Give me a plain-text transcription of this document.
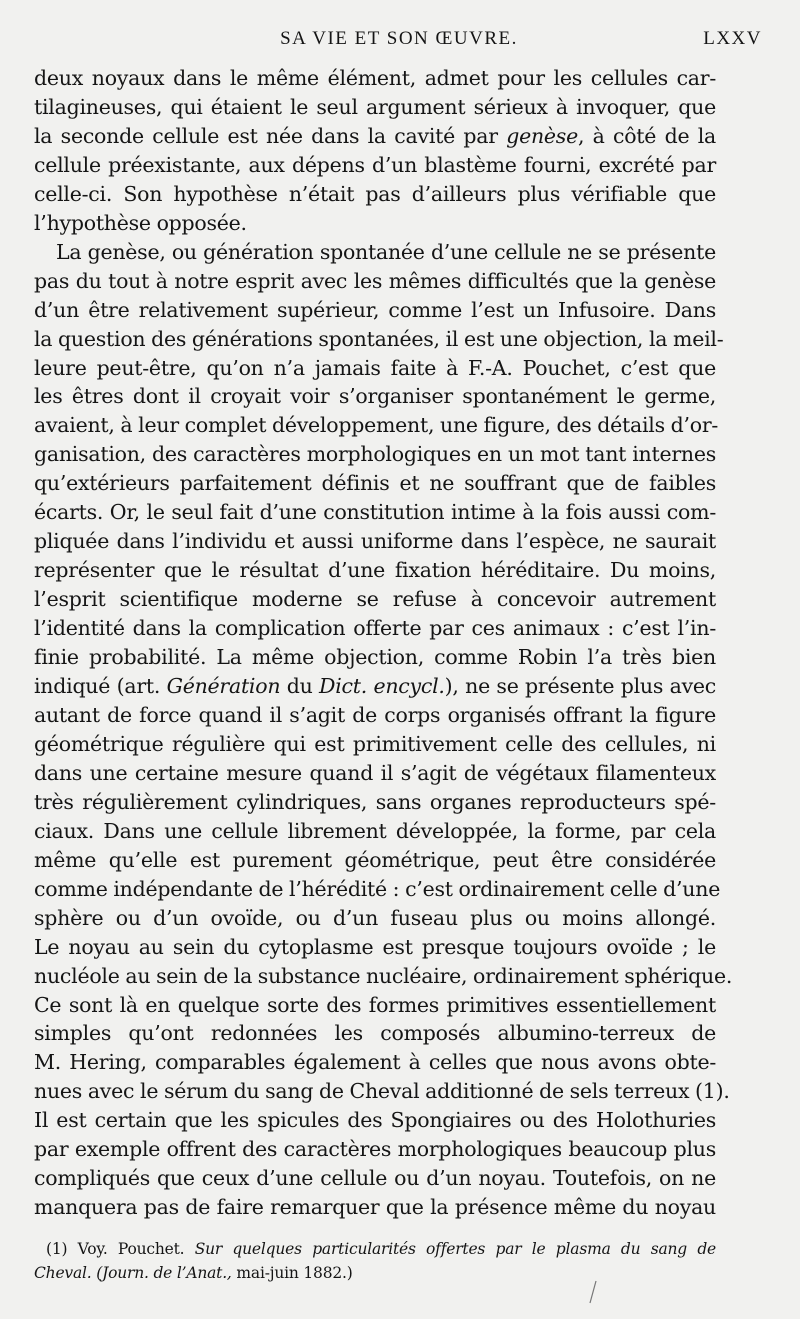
SA VIE ET SON ŒUVRE.	LXXV
deux noyaux dans le même élément, admet pour les cellules car-
tilagineuses, qui étaient le seul argument sérieux à invoquer, que
la seconde cellule est née dans la cavité par genèse, à côté de la
cellule préexistante, aux dépens d’un blastème fourni, excrété par
celle-ci. Son hypothèse n’était pas d’ailleurs plus vérifiable que
l’hypothèse opposée.
La genèse, ou génération spontanée d’une cellule ne se présente
pas du tout à notre esprit avec les mêmes difficultés que la genèse
d’un être relativement supérieur, comme l’est un Infusoire. Dans
la question des générations spontanées, il est une objection, la meil-
leure peut-être, qu’on n’a jamais faite à F.-A. Pouchet, c’est que
les êtres dont il croyait voir s’organiser spontanément le germe,
avaient, à leur complet développement, une figure, des détails d’or-
ganisation, des caractères morphologiques en un mot tant internes
qu’extérieurs parfaitement définis et ne souffrant que de faibles
écarts. Or, le seul fait d’une constitution intime à la fois aussi com-
pliquée dans l’individu et aussi uniforme dans l’espèce, ne saurait
représenter que le résultat d’une fixation héréditaire. Du moins,
l’esprit scientifique moderne se refuse à concevoir autrement
l’identité dans la complication offerte par ces animaux : c’est l’in-
finie probabilité. La même objection, comme Robin l’a très bien
indiqué (art. Génération du Dict. encycl.), ne se présente plus avec
autant de force quand il s’agit de corps organisés offrant la figure
géométrique régulière qui est primitivement celle des cellules, ni
dans une certaine mesure quand il s’agit de végétaux filamenteux
très régulièrement cylindriques, sans organes reproducteurs spé-
ciaux. Dans une cellule librement développée, la forme, par cela
même qu’elle est purement géométrique, peut être considérée
comme indépendante de l’hérédité : c’est ordinairement celle d’une
sphère ou d’un ovoïde, ou d’un fuseau plus ou moins allongé.
Le noyau au sein du cytoplasme est presque toujours ovoïde ; le
nucléole au sein de la substance nucléaire, ordinairement sphérique.
Ce sont là en quelque sorte des formes primitives essentiellement
simples qu’ont redonnées les composés albumino-terreux de
M. Hering, comparables également à celles que nous avons obte-
nues avec le sérum du sang de Cheval additionné de sels terreux (1).
Il est certain que les spicules des Spongiaires ou des Holothuries
par exemple offrent des caractères morphologiques beaucoup plus
compliqués que ceux d’une cellule ou d’un noyau. Toutefois, on ne
manquera pas de faire remarquer que la présence même du noyau
(1) Voy. Pouchet. Sur quelques particularités offertes par le plasma du sang de
Cheval. (Journ. de l’Anat., mai-juin 1882.)
